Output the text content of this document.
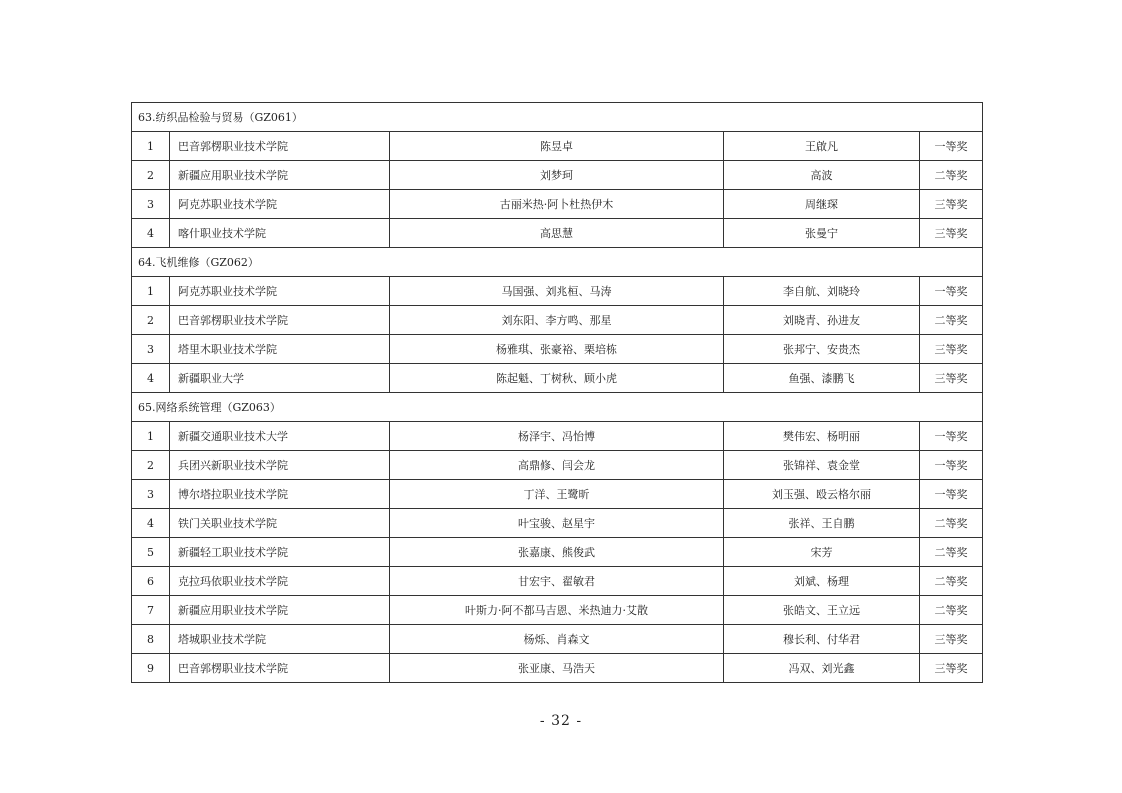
63.纺织品检验与贸易（GZ061）				
1	巴音郭楞职业技术学院	陈昱卓	王啟凡	一等奖
2	新疆应用职业技术学院	刘梦珂	高波	二等奖
3	阿克苏职业技术学院	古丽米热·阿卜杜热伊木	周继琛	三等奖
4	喀什职业技术学院	高思慧	张曼宁	三等奖
64.飞机维修（GZ062）				
1	阿克苏职业技术学院	马国强、刘兆桓、马涛	李自航、刘晓玲	一等奖
2	巴音郭楞职业技术学院	刘东阳、李方鸣、那星	刘晓青、孙进友	二等奖
3	塔里木职业技术学院	杨雅琪、张豪裕、栗培栋	张邦宁、安贵杰	三等奖
4	新疆职业大学	陈起魁、丁树秋、顾小虎	鱼强、漆鹏飞	三等奖
65.网络系统管理（GZ063）				
1	新疆交通职业技术大学	杨泽宇、冯怡博	樊伟宏、杨明丽	一等奖
2	兵团兴新职业技术学院	高鼎修、闫会龙	张锦祥、袁金堂	一等奖
3	博尔塔拉职业技术学院	丁洋、王鹭昕	刘玉强、殴云格尔丽	一等奖
4	铁门关职业技术学院	叶宝骏、赵星宇	张祥、王自鹏	二等奖
5	新疆轻工职业技术学院	张嘉康、熊俊武	宋芳	二等奖
6	克拉玛依职业技术学院	甘宏宇、翟敏君	刘斌、杨理	二等奖
7	新疆应用职业技术学院	叶斯力·阿不都马吉恩、米热迪力·艾散	张皓文、王立远	二等奖
8	塔城职业技术学院	杨烁、肖森文	穆长利、付华君	三等奖
9	巴音郭楞职业技术学院	张亚康、马浩天	冯双、刘光鑫	三等奖
- 32 -
